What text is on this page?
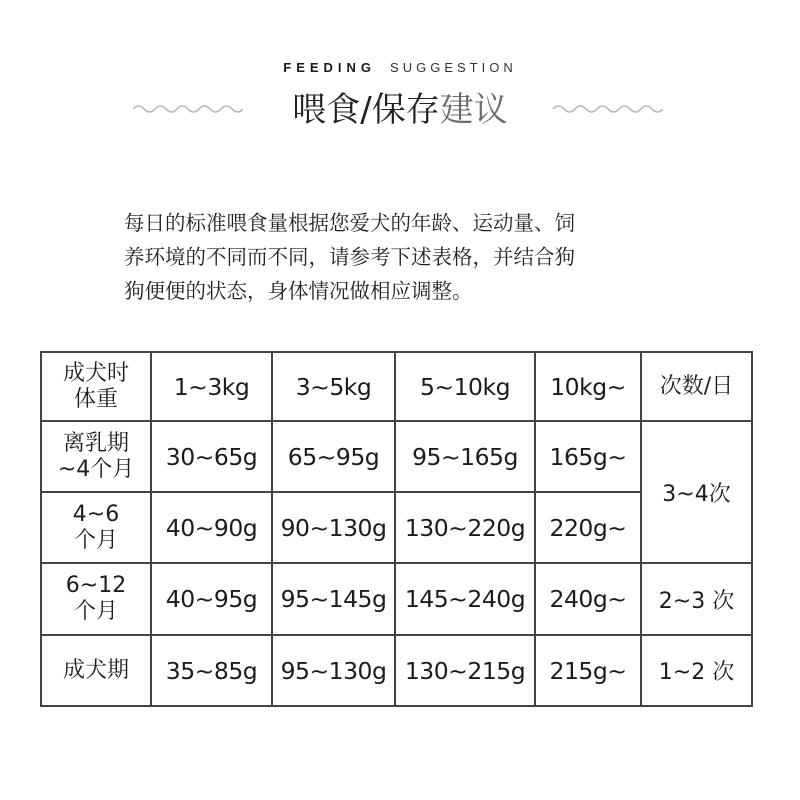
FEEDING SUGGESTION
喂食/保存建议

每日的标准喂食量根据您爱犬的年龄、运动量、饲

养环境的不同而不同，请参考下述表格，并结合狗

狗便便的状态，身体情况做相应调整。

成犬时
体重	1~3kg	3~5kg	5~10kg	10kg~	次数/日

离乳期
~4个月	30~65g	65~95g	95~165g	165g~	3~4次

4~6
个月	40~90g	90~130g	130~220g	220g~	

6~12
个月	40~95g	95~145g	145~240g	240g~	2~3 次

成犬期	35~85g	95~130g	130~215g	215g~	1~2 次
